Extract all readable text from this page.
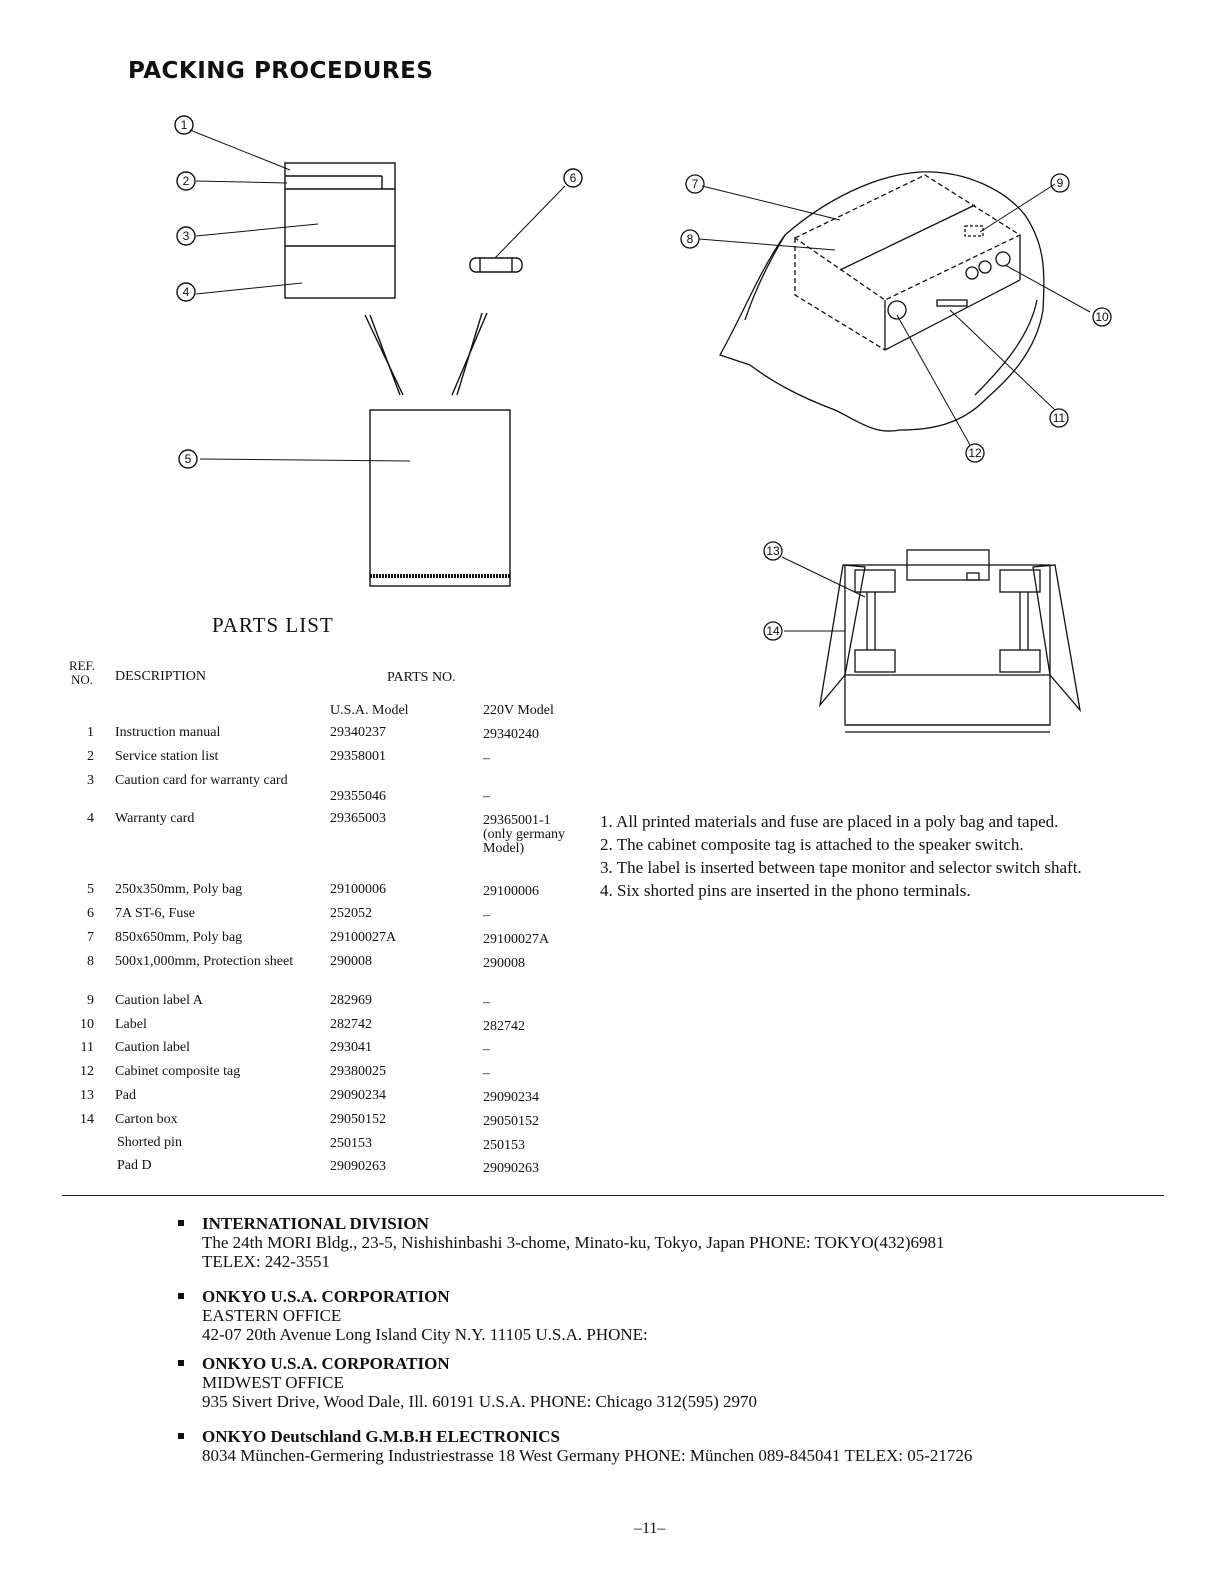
PACKING PROCEDURES
1
2
3
4
5
6	7
8
9
10
11
12
13
14
PARTS LIST
REF.
NO.	DESCRIPTION	PARTS NO.
U.S.A. Model	220V Model
1 Instruction manual	29340237	29340240
2 Service station list	29358001	–
3 Caution card for warranty card
29355046	–
4 Warranty card	29365003	29365001-1 (only germany Model)
5 250x350mm, Poly bag	29100006	29100006
6 7A ST-6, Fuse	252052	–
7 850x650mm, Poly bag	29100027A	29100027A
8 500x1,000mm, Protection sheet	290008	290008
9 Caution label A	282969	–
10 Label	282742	282742
11 Caution label	293041	–
12 Cabinet composite tag	29380025	–
13 Pad	29090234	29090234
14 Carton box	29050152	29050152
Shorted pin	250153	250153
Pad D	29090263	29090263
1. All printed materials and fuse are placed in a poly bag and taped.
2. The cabinet composite tag is attached to the speaker switch.
3. The label is inserted between tape monitor and selector switch shaft.
4. Six shorted pins are inserted in the phono terminals.
INTERNATIONAL DIVISION
The 24th MORI Bldg., 23-5, Nishishinbashi 3-chome, Minato-ku, Tokyo, Japan PHONE: TOKYO(432)6981
TELEX: 242-3551
ONKYO U.S.A. CORPORATION
EASTERN OFFICE
42-07 20th Avenue Long Island City N.Y. 11105 U.S.A. PHONE:
ONKYO U.S.A. CORPORATION
MIDWEST OFFICE
935 Sivert Drive, Wood Dale, Ill. 60191 U.S.A. PHONE: Chicago 312(595) 2970
ONKYO Deutschland G.M.B.H ELECTRONICS
8034 München-Germering Industriestrasse 18 West Germany PHONE: München 089-845041 TELEX: 05-21726
–11–
